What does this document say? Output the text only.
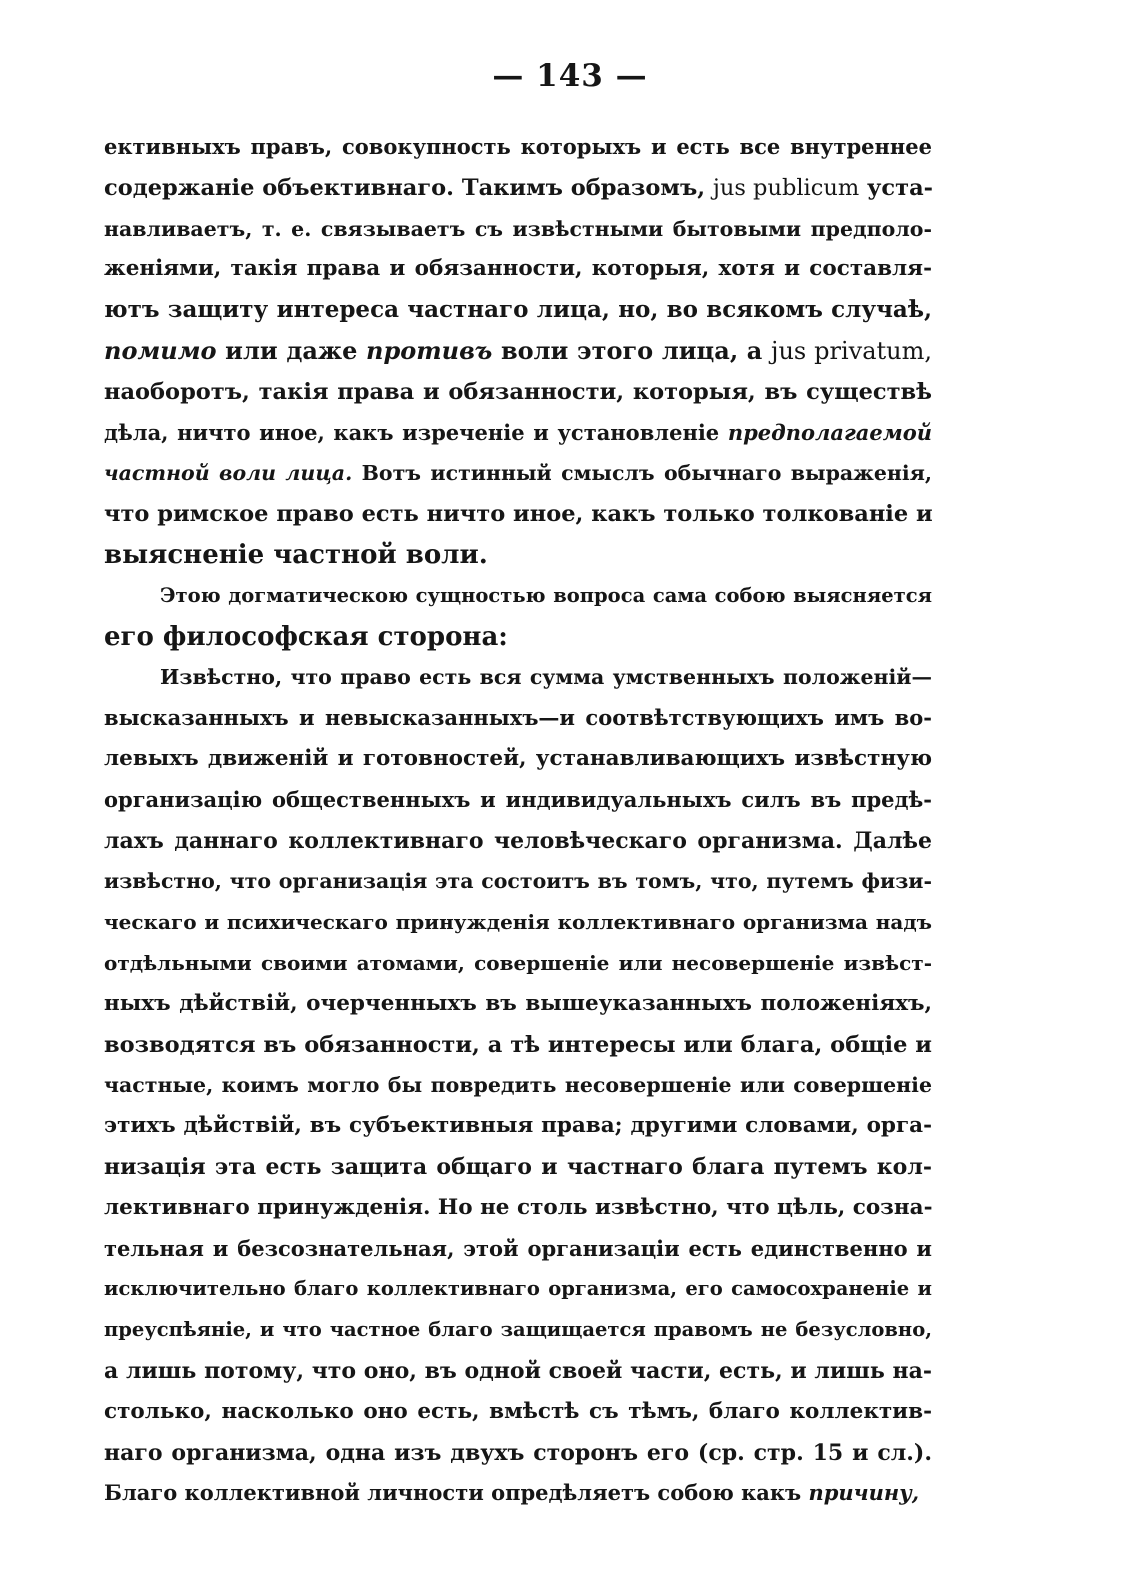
— 143 —
ективныхъ правъ, совокупность которыхъ и есть все внутреннее
содержаніе объективнаго. Такимъ образомъ, jus publicum уста-
навливаетъ, т. е. связываетъ съ извѣстными бытовыми предполо-
женіями, такія права и обязанности, которыя, хотя и составля-
ютъ защиту интереса частнаго лица, но, во всякомъ случаѣ,
помимо или даже противъ воли этого лица, а jus privatum,
наоборотъ, такія права и обязанности, которыя, въ существѣ
дѣла, ничто иное, какъ изреченіе и установленіе предполагаемой
частной воли лица. Вотъ истинный смыслъ обычнаго выраженія,
что римское право есть ничто иное, какъ только толкованіе и
выясненіе частной воли.
Этою догматическою сущностью вопроса сама собою выясняется
его философская сторона:
Извѣстно, что право есть вся сумма умственныхъ положеній—
высказанныхъ и невысказанныхъ—и соотвѣтствующихъ имъ во-
левыхъ движеній и готовностей, устанавливающихъ извѣстную
организацію общественныхъ и индивидуальныхъ силъ въ предѣ-
лахъ даннаго коллективнаго человѣческаго организма. Далѣе
извѣстно, что организація эта состоитъ въ томъ, что, путемъ физи-
ческаго и психическаго принужденія коллективнаго организма надъ
отдѣльными своими атомами, совершеніе или несовершеніе извѣст-
ныхъ дѣйствій, очерченныхъ въ вышеуказанныхъ положеніяхъ,
возводятся въ обязанности, а тѣ интересы или блага, общіе и
частные, коимъ могло бы повредить несовершеніе или совершеніе
этихъ дѣйствій, въ субъективныя права; другими словами, орга-
низація эта есть защита общаго и частнаго блага путемъ кол-
лективнаго принужденія. Но не столь извѣстно, что цѣль, созна-
тельная и безсознательная, этой организаціи есть единственно и
исключительно благо коллективнаго организма, его самосохраненіе и
преуспѣяніе, и что частное благо защищается правомъ не безусловно,
а лишь потому, что оно, въ одной своей части, есть, и лишь на-
столько, насколько оно есть, вмѣстѣ съ тѣмъ, благо коллектив-
наго организма, одна изъ двухъ сторонъ его (ср. стр. 15 и сл.).
Благо коллективной личности опредѣляетъ собою какъ причину,
